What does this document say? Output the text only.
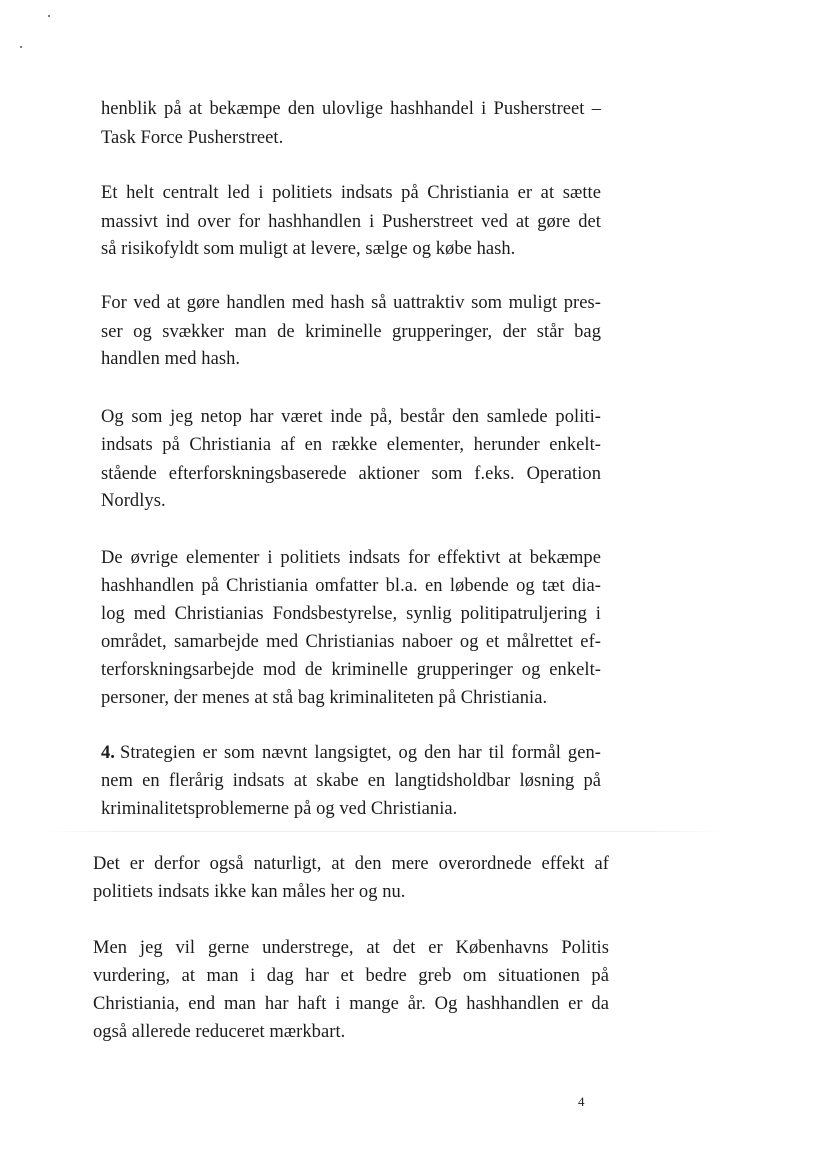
henblik på at bekæmpe den ulovlige hashhandel i Pusherstreet –
Task Force Pusherstreet.
Et helt centralt led i politiets indsats på Christiania er at sætte
massivt ind over for hashhandlen i Pusherstreet ved at gøre det
så risikofyldt som muligt at levere, sælge og købe hash.
For ved at gøre handlen med hash så uattraktiv som muligt pres-
ser og svækker man de kriminelle grupperinger, der står bag
handlen med hash.
Og som jeg netop har været inde på, består den samlede politi-
indsats på Christiania af en række elementer, herunder enkelt-
stående efterforskningsbaserede aktioner som f.eks. Operation
Nordlys.
De øvrige elementer i politiets indsats for effektivt at bekæmpe
hashhandlen på Christiania omfatter bl.a. en løbende og tæt dia-
log med Christianias Fondsbestyrelse, synlig politipatruljering i
området, samarbejde med Christianias naboer og et målrettet ef-
terforskningsarbejde mod de kriminelle grupperinger og enkelt-
personer, der menes at stå bag kriminaliteten på Christiania.
4. Strategien er som nævnt langsigtet, og den har til formål gen-
nem en flerårig indsats at skabe en langtidsholdbar løsning på
kriminalitetsproblemerne på og ved Christiania.
Det er derfor også naturligt, at den mere overordnede effekt af
politiets indsats ikke kan måles her og nu.
Men jeg vil gerne understrege, at det er Københavns Politis
vurdering, at man i dag har et bedre greb om situationen på
Christiania, end man har haft i mange år. Og hashhandlen er da
også allerede reduceret mærkbart.
4
